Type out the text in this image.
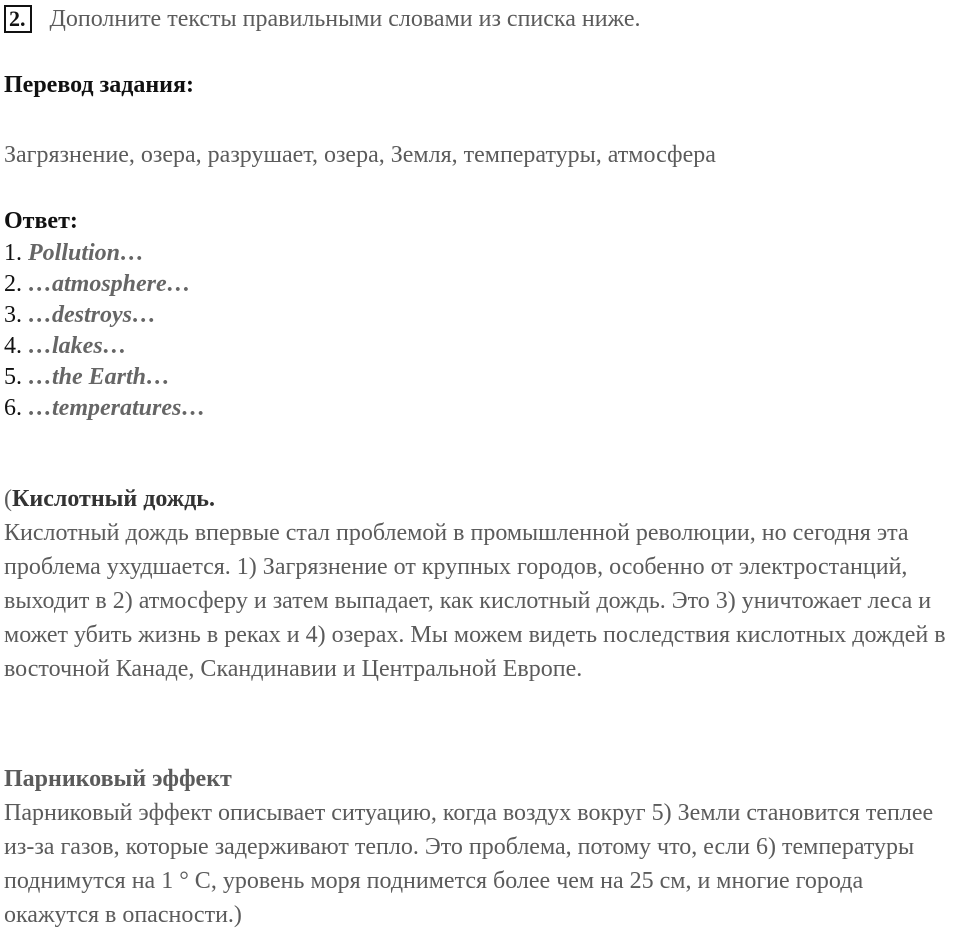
2. Дополните тексты правильными словами из списка ниже.
Перевод задания:
Загрязнение, озера, разрушает, озера, Земля, температуры, атмосфера
Ответ:
1. Pollution…
2. …atmosphere…
3. …destroys…
4. …lakes…
5. …the Earth…
6. …temperatures…
(Кислотный дождь.
Кислотный дождь впервые стал проблемой в промышленной революции, но сегодня эта проблема ухудшается. 1) Загрязнение от крупных городов, особенно от электростанций, выходит в 2) атмосферу и затем выпадает, как кислотный дождь. Это 3) уничтожает леса и может убить жизнь в реках и 4) озерах. Мы можем видеть последствия кислотных дождей в восточной Канаде, Скандинавии и Центральной Европе.
Парниковый эффект
Парниковый эффект описывает ситуацию, когда воздух вокруг 5) Земли становится теплее из-за газов, которые задерживают тепло. Это проблема, потому что, если 6) температуры поднимутся на 1 ° C, уровень моря поднимется более чем на 25 см, и многие города окажутся в опасности.)
